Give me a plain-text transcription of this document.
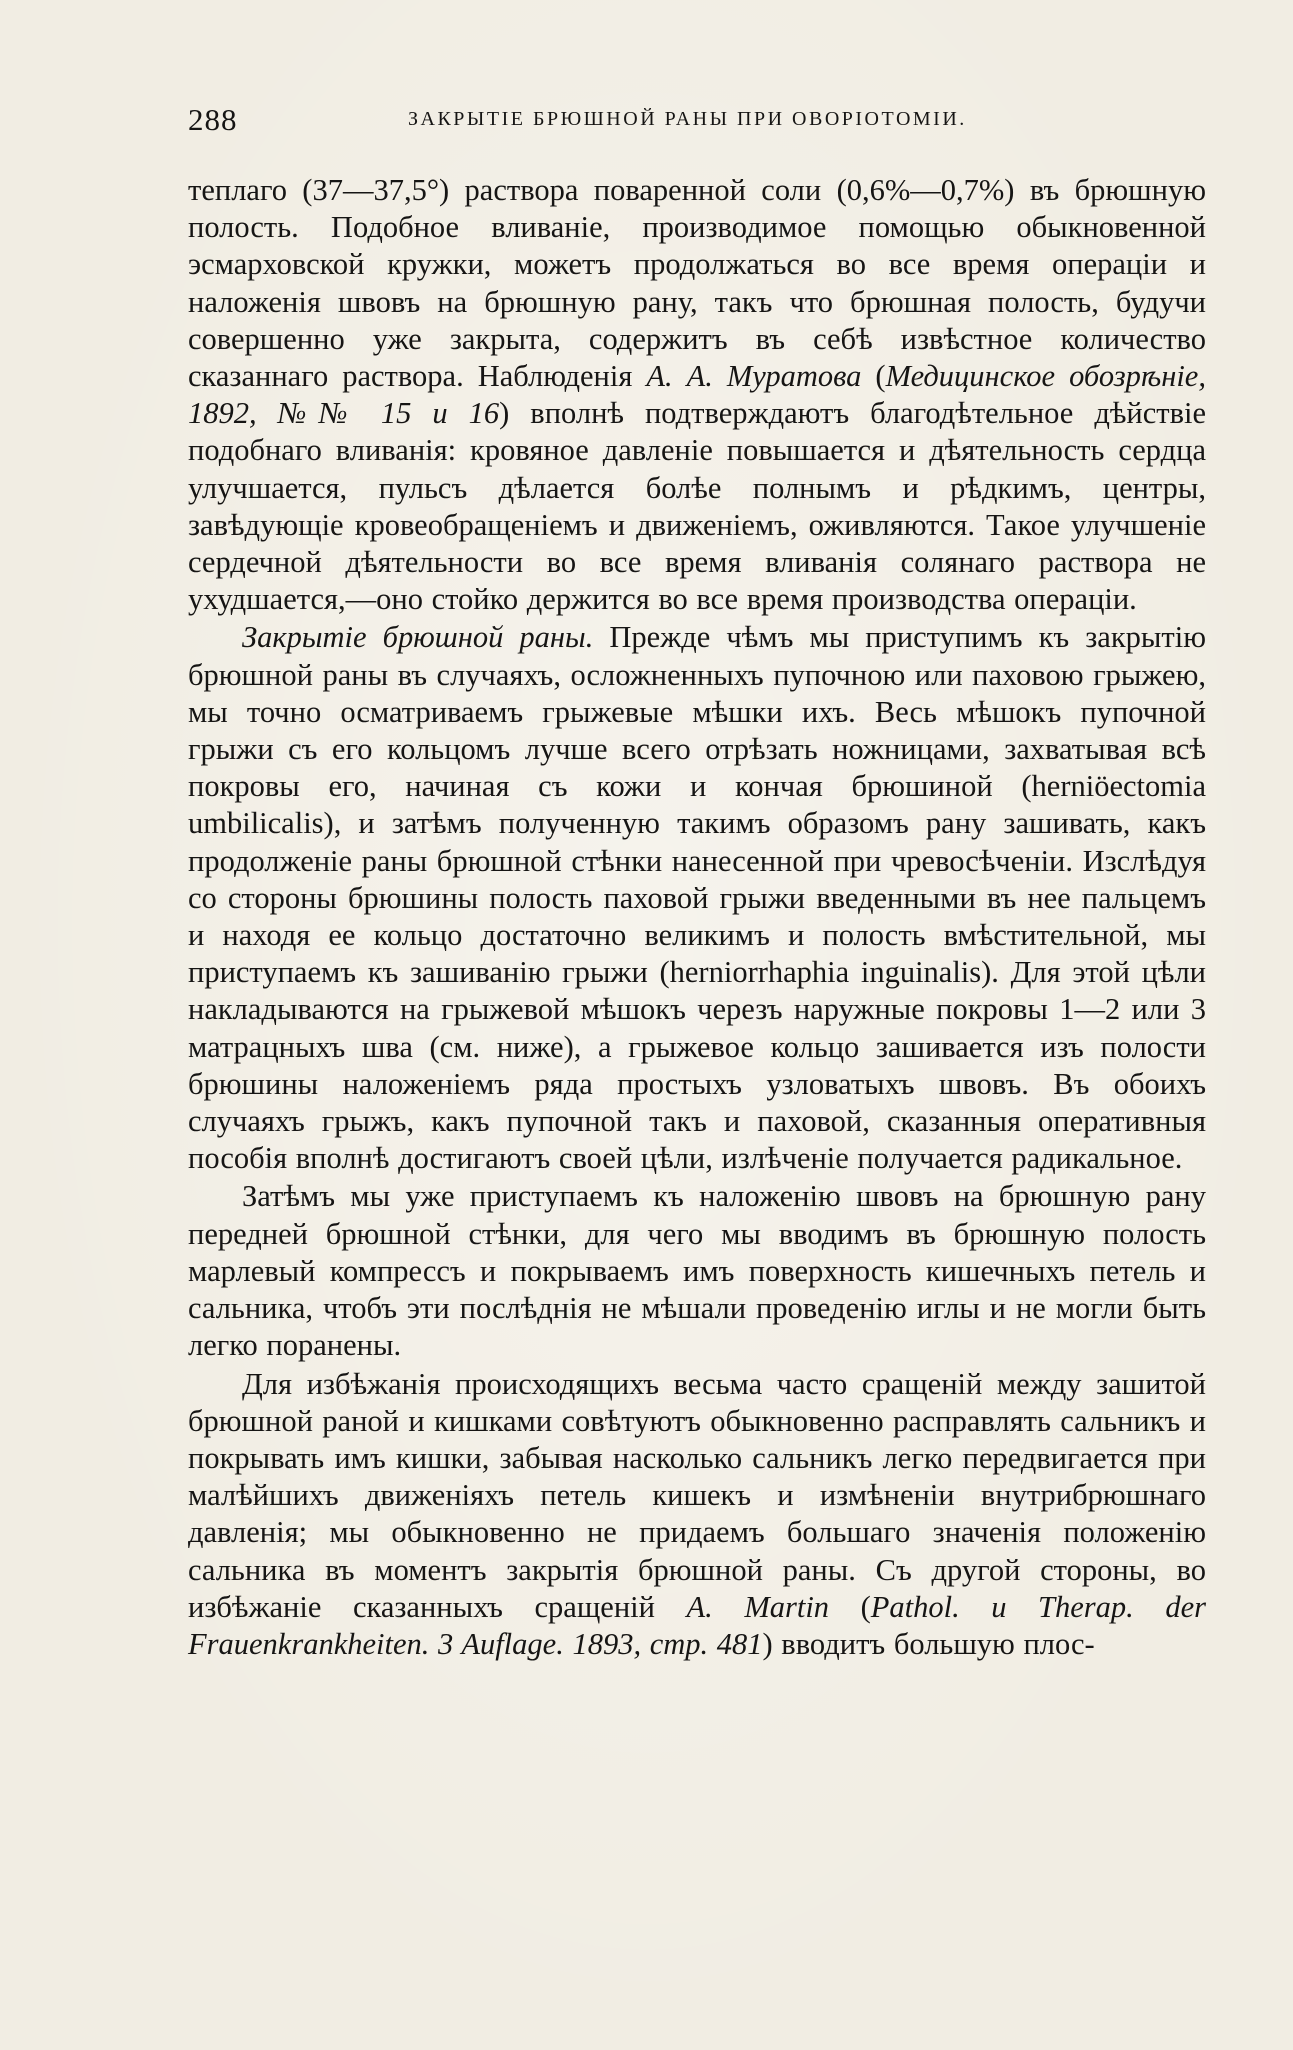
288	ЗАКРЫТІЕ БРЮШНОЙ РАНЫ ПРИ ОВОРІОТОМІИ.

теплаго (37—37,5°) раствора поваренной соли (0,6%—0,7%) въ брюшную полость. Подобное вливаніе, производимое помощью обыкновенной эсмарховской кружки, можетъ продолжаться во все время операціи и наложенія швовъ на брюшную рану, такъ что брюшная полость, будучи совершенно уже закрыта, содержитъ въ себѣ извѣстное количество сказаннаго раствора. Наблюденія А. А. Муратова (Медицинское обозрѣніе, 1892, №№ 15 и 16) вполнѣ подтверждаютъ благодѣтельное дѣйствіе подобнаго вливанія: кровяное давленіе повышается и дѣятельность сердца улучшается, пульсъ дѣлается болѣе полнымъ и рѣдкимъ, центры, завѣдующіе кровеобращеніемъ и движеніемъ, оживляются. Такое улучшеніе сердечной дѣятельности во все время вливанія солянаго раствора не ухудшается,—оно стойко держится во все время производства операціи.

Закрытіе брюшной раны. Прежде чѣмъ мы приступимъ къ закрытію брюшной раны въ случаяхъ, осложненныхъ пупочною или паховою грыжею, мы точно осматриваемъ грыжевые мѣшки ихъ. Весь мѣшокъ пупочной грыжи съ его кольцомъ лучше всего отрѣзать ножницами, захватывая всѣ покровы его, начиная съ кожи и кончая брюшиной (herniöectomia umbilicalis), и затѣмъ полученную такимъ образомъ рану зашивать, какъ продолженіе раны брюшной стѣнки нанесенной при чревосѣченіи. Изслѣдуя со стороны брюшины полость паховой грыжи введенными въ нее пальцемъ и находя ее кольцо достаточно великимъ и полость вмѣстительной, мы приступаемъ къ зашиванію грыжи (herniorrhaphia inguinalis). Для этой цѣли накладываются на грыжевой мѣшокъ черезъ наружные покровы 1—2 или 3 матрацныхъ шва (см. ниже), а грыжевое кольцо зашивается изъ полости брюшины наложеніемъ ряда простыхъ узловатыхъ швовъ. Въ обоихъ случаяхъ грыжъ, какъ пупочной такъ и паховой, сказанныя оперативныя пособія вполнѣ достигаютъ своей цѣли, излѣченіе получается радикальное.

Затѣмъ мы уже приступаемъ къ наложенію швовъ на брюшную рану передней брюшной стѣнки, для чего мы вводимъ въ брюшную полость марлевый компрессъ и покрываемъ имъ поверхность кишечныхъ петель и сальника, чтобъ эти послѣднія не мѣшали проведенію иглы и не могли быть легко поранены.

Для избѣжанія происходящихъ весьма часто сращеній между зашитой брюшной раной и кишками совѣтуютъ обыкновенно расправлять сальникъ и покрывать имъ кишки, забывая насколько сальникъ легко передвигается при малѣйшихъ движеніяхъ петель кишекъ и измѣненіи внутрибрюшнаго давленія; мы обыкновенно не придаемъ большаго значенія положенію сальника въ моментъ закрытія брюшной раны. Съ другой стороны, во избѣжаніе сказанныхъ сращеній A. Martin (Pathol. u Therap. der Frauenkrankheiten. 3 Auflage. 1893, стр. 481) вводитъ большую плос-
